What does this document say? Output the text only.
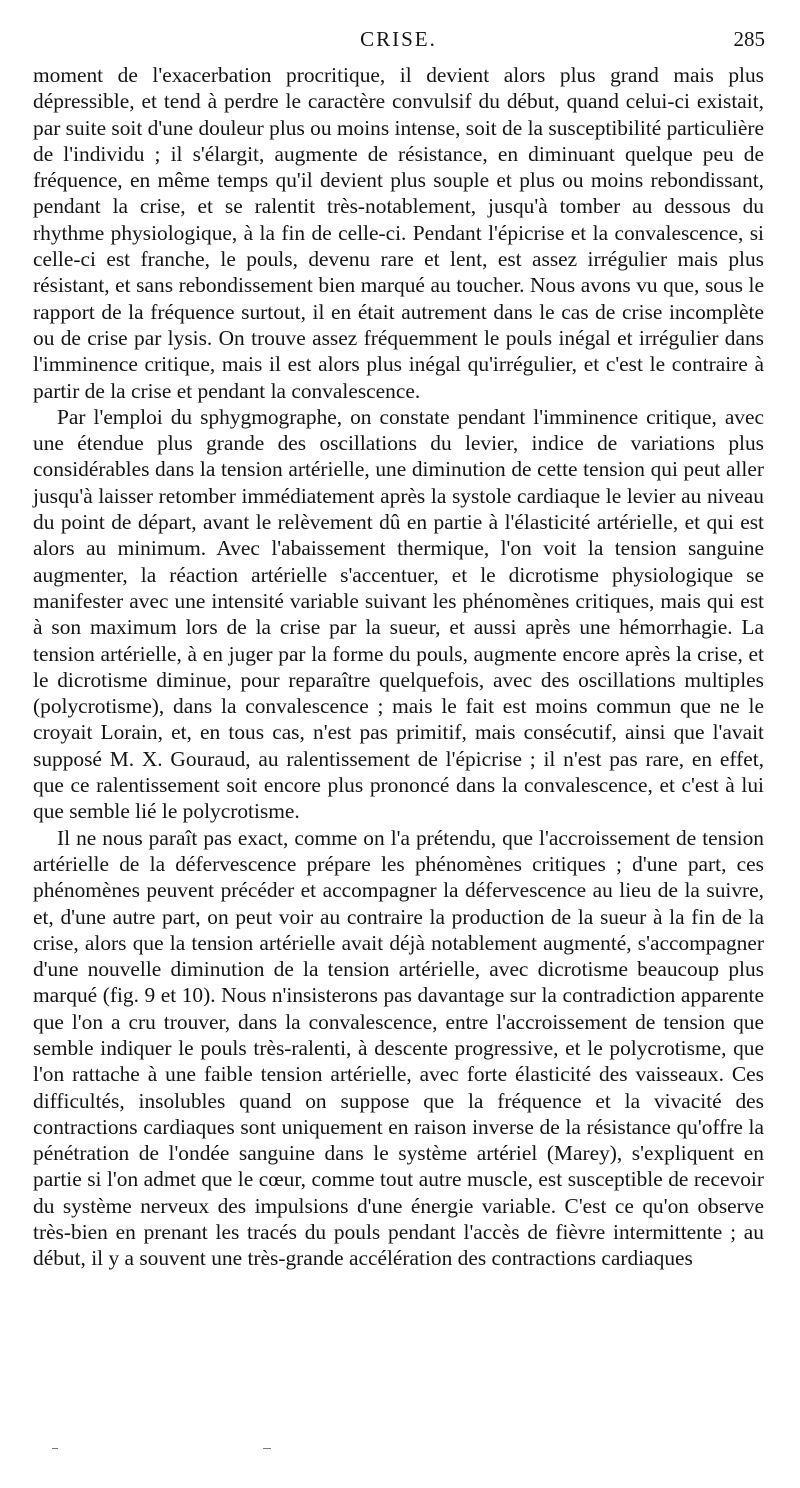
CRISE.	285

moment de l'exacerbation procritique, il devient alors plus grand mais plus dépressible, et tend à perdre le caractère convulsif du début, quand celui-ci existait, par suite soit d'une douleur plus ou moins intense, soit de la susceptibilité particulière de l'individu ; il s'élargit, augmente de résistance, en diminuant quelque peu de fréquence, en même temps qu'il devient plus souple et plus ou moins rebondissant, pendant la crise, et se ralentit très-notablement, jusqu'à tomber au dessous du rhythme physiologique, à la fin de celle-ci. Pendant l'épicrise et la convalescence, si celle-ci est franche, le pouls, devenu rare et lent, est assez irrégulier mais plus résistant, et sans rebondissement bien marqué au toucher. Nous avons vu que, sous le rapport de la fréquence surtout, il en était autrement dans le cas de crise incomplète ou de crise par lysis. On trouve assez fréquemment le pouls inégal et irrégulier dans l'imminence critique, mais il est alors plus inégal qu'irrégulier, et c'est le contraire à partir de la crise et pendant la convalescence.

Par l'emploi du sphygmographe, on constate pendant l'imminence critique, avec une étendue plus grande des oscillations du levier, indice de variations plus considérables dans la tension artérielle, une diminution de cette tension qui peut aller jusqu'à laisser retomber immédiatement après la systole cardiaque le levier au niveau du point de départ, avant le relèvement dû en partie à l'élasticité artérielle, et qui est alors au minimum. Avec l'abaissement thermique, l'on voit la tension sanguine augmenter, la réaction artérielle s'accentuer, et le dicrotisme physiologique se manifester avec une intensité variable suivant les phénomènes critiques, mais qui est à son maximum lors de la crise par la sueur, et aussi après une hémorrhagie. La tension artérielle, à en juger par la forme du pouls, augmente encore après la crise, et le dicrotisme diminue, pour reparaître quelquefois, avec des oscillations multiples (polycrotisme), dans la convalescence ; mais le fait est moins commun que ne le croyait Lorain, et, en tous cas, n'est pas primitif, mais consécutif, ainsi que l'avait supposé M. X. Gouraud, au ralentissement de l'épicrise ; il n'est pas rare, en effet, que ce ralentissement soit encore plus prononcé dans la convalescence, et c'est à lui que semble lié le polycrotisme.

Il ne nous paraît pas exact, comme on l'a prétendu, que l'accroissement de tension artérielle de la défervescence prépare les phénomènes critiques ; d'une part, ces phénomènes peuvent précéder et accompagner la défervescence au lieu de la suivre, et, d'une autre part, on peut voir au contraire la production de la sueur à la fin de la crise, alors que la tension artérielle avait déjà notablement augmenté, s'accompagner d'une nouvelle diminution de la tension artérielle, avec dicrotisme beaucoup plus marqué (fig. 9 et 10). Nous n'insisterons pas davantage sur la contradiction apparente que l'on a cru trouver, dans la convalescence, entre l'accroissement de tension que semble indiquer le pouls très-ralenti, à descente progressive, et le polycrotisme, que l'on rattache à une faible tension artérielle, avec forte élasticité des vaisseaux. Ces difficultés, insolubles quand on suppose que la fréquence et la vivacité des contractions cardiaques sont uniquement en raison inverse de la résistance qu'offre la pénétration de l'ondée sanguine dans le système artériel (Marey), s'expliquent en partie si l'on admet que le cœur, comme tout autre muscle, est susceptible de recevoir du système nerveux des impulsions d'une énergie variable. C'est ce qu'on observe très-bien en prenant les tracés du pouls pendant l'accès de fièvre intermittente ; au début, il y a souvent une très-grande accélération des contractions cardiaques
